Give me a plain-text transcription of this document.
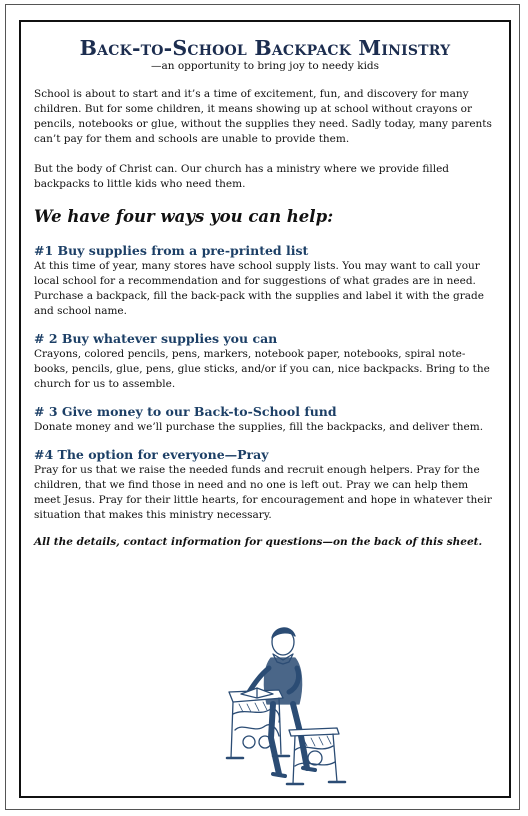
Back-to-School Backpack Ministry
—an opportunity to bring joy to needy kids

School is about to start and it’s a time of excitement, fun, and discovery for many children. But for some children, it means showing up at school without crayons or pencils, notebooks or glue, without the supplies they need. Sadly today, many parents can’t pay for them and schools are unable to provide them.

But the body of Christ can. Our church has a ministry where we provide filled backpacks to little kids who need them.

We have four ways you can help:
#1 Buy supplies from a pre-printed list

At this time of year, many stores have school supply lists. You may want to call your local school for a recommendation and for suggestions of what grades are in need. Purchase a backpack, fill the back-pack with the supplies and label it with the grade and school name.

# 2 Buy whatever supplies you can

Crayons, colored pencils, pens, markers, notebook paper, notebooks, spiral note-books, pencils, glue, pens, glue sticks, and/or if you can, nice backpacks. Bring to the church for us to assemble.

# 3 Give money to our Back-to-School fund

Donate money and we’ll purchase the supplies, fill the backpacks, and deliver them.

#4 The option for everyone—Pray

Pray for us that we raise the needed funds and recruit enough helpers. Pray for the children, that we find those in need and no one is left out. Pray we can help them meet Jesus. Pray for their little hearts, for encouragement and hope in whatever their situation that makes this ministry necessary.

All the details, contact information for questions—on the back of this sheet.
